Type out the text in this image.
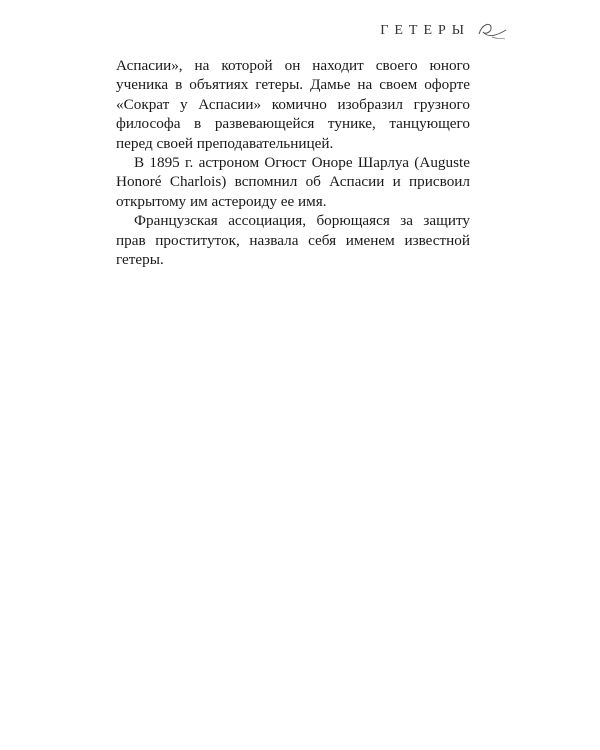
ГЕТЕРЫ

Аспасии», на которой он находит своего юного ученика в объятиях гетеры. Дамье на своем офорте «Сократ у Аспасии» комично изобразил грузного философа в развевающейся тунике, танцующего перед своей преподавательницей.

В 1895 г. астроном Огюст Оноре Шарлуа (Auguste Honoré Charlois) вспомнил об Аспасии и присвоил открытому им астероиду ее имя.

Французская ассоциация, борющаяся за защиту прав проституток, назвала себя именем известной гетеры.
